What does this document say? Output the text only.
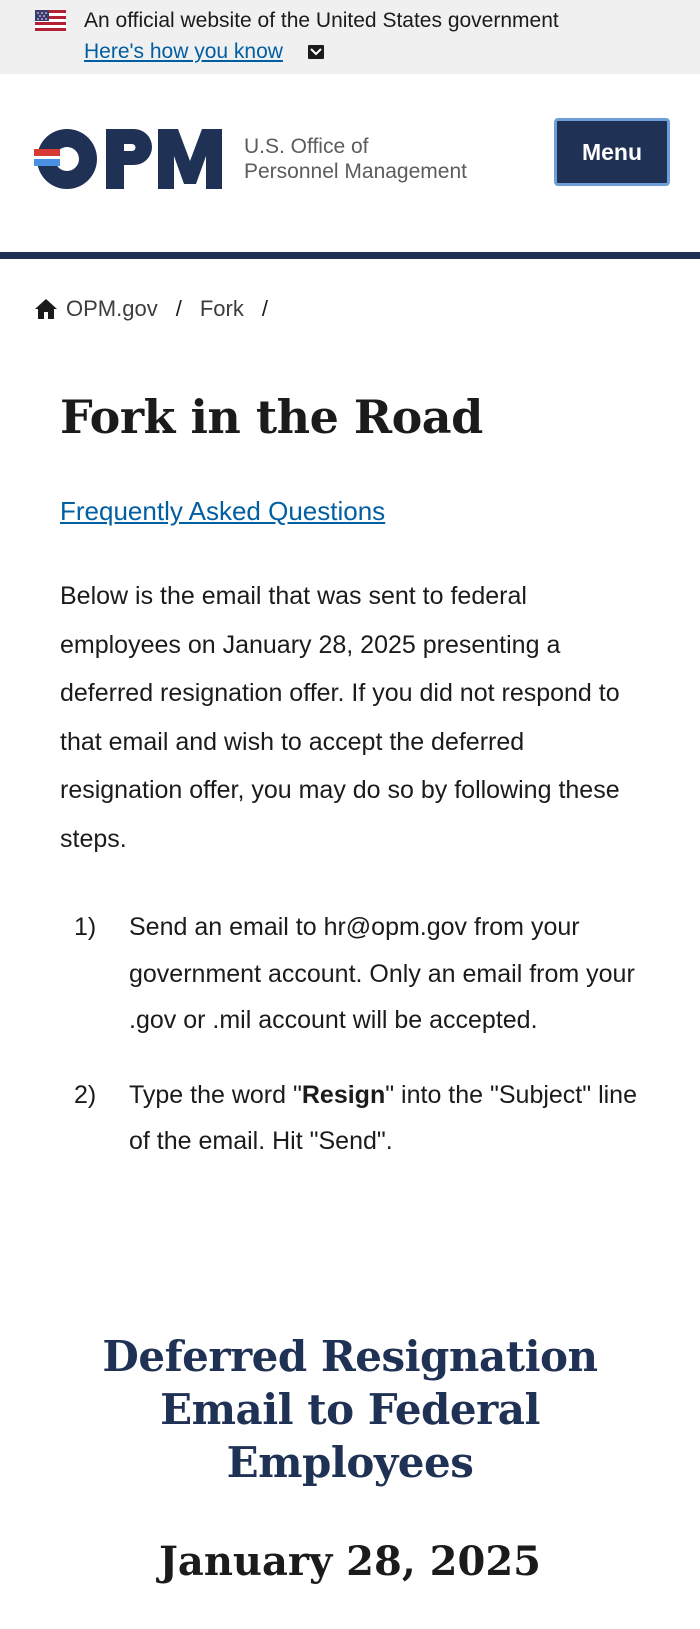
An official website of the United States government
Here's how you know
U.S. Office of
Personnel Management
Menu
OPM.gov / Fork /
Fork in the Road
Frequently Asked Questions

Below is the email that was sent to federal employees on January 28, 2025 presenting a deferred resignation offer. If you did not respond to that email and wish to accept the deferred resignation offer, you may do so by following these steps.

1) Send an email to hr@opm.gov from your government account. Only an email from your .gov or .mil account will be accepted.
2) Type the word "Resign" into the "Subject" line of the email. Hit "Send".
Deferred Resignation Email to Federal Employees
January 28, 2025
